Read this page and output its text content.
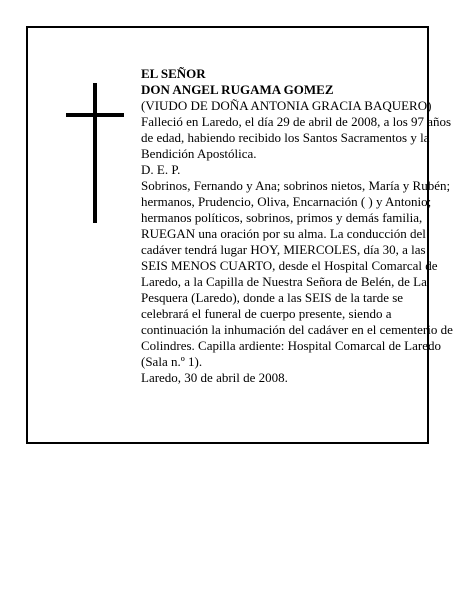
EL SEÑOR

DON ANGEL RUGAMA GOMEZ

(VIUDO DE DOÑA ANTONIA GRACIA BAQUERO)

Falleció en Laredo, el día 29 de abril de 2008, a los 97 años de edad, habiendo recibido los Santos Sacramentos y la Bendición Apostólica.

D. E. P.

Sobrinos, Fernando y Ana; sobrinos nietos, María y Rubén; hermanos, Prudencio, Oliva, Encarnación ( ) y Antonio; hermanos políticos, sobrinos, primos y demás familia,

RUEGAN una oración por su alma. La conducción del cadáver tendrá lugar HOY, MIERCOLES, día 30, a las SEIS MENOS CUARTO, desde el Hospital Comarcal de Laredo, a la Capilla de Nuestra Señora de Belén, de La Pesquera (Laredo), donde a las SEIS de la tarde se celebrará el funeral de cuerpo presente, siendo a continuación la inhumación del cadáver en el cementerio de Colindres. Capilla ardiente: Hospital Comarcal de Laredo (Sala n.º 1).

Laredo, 30 de abril de 2008.
